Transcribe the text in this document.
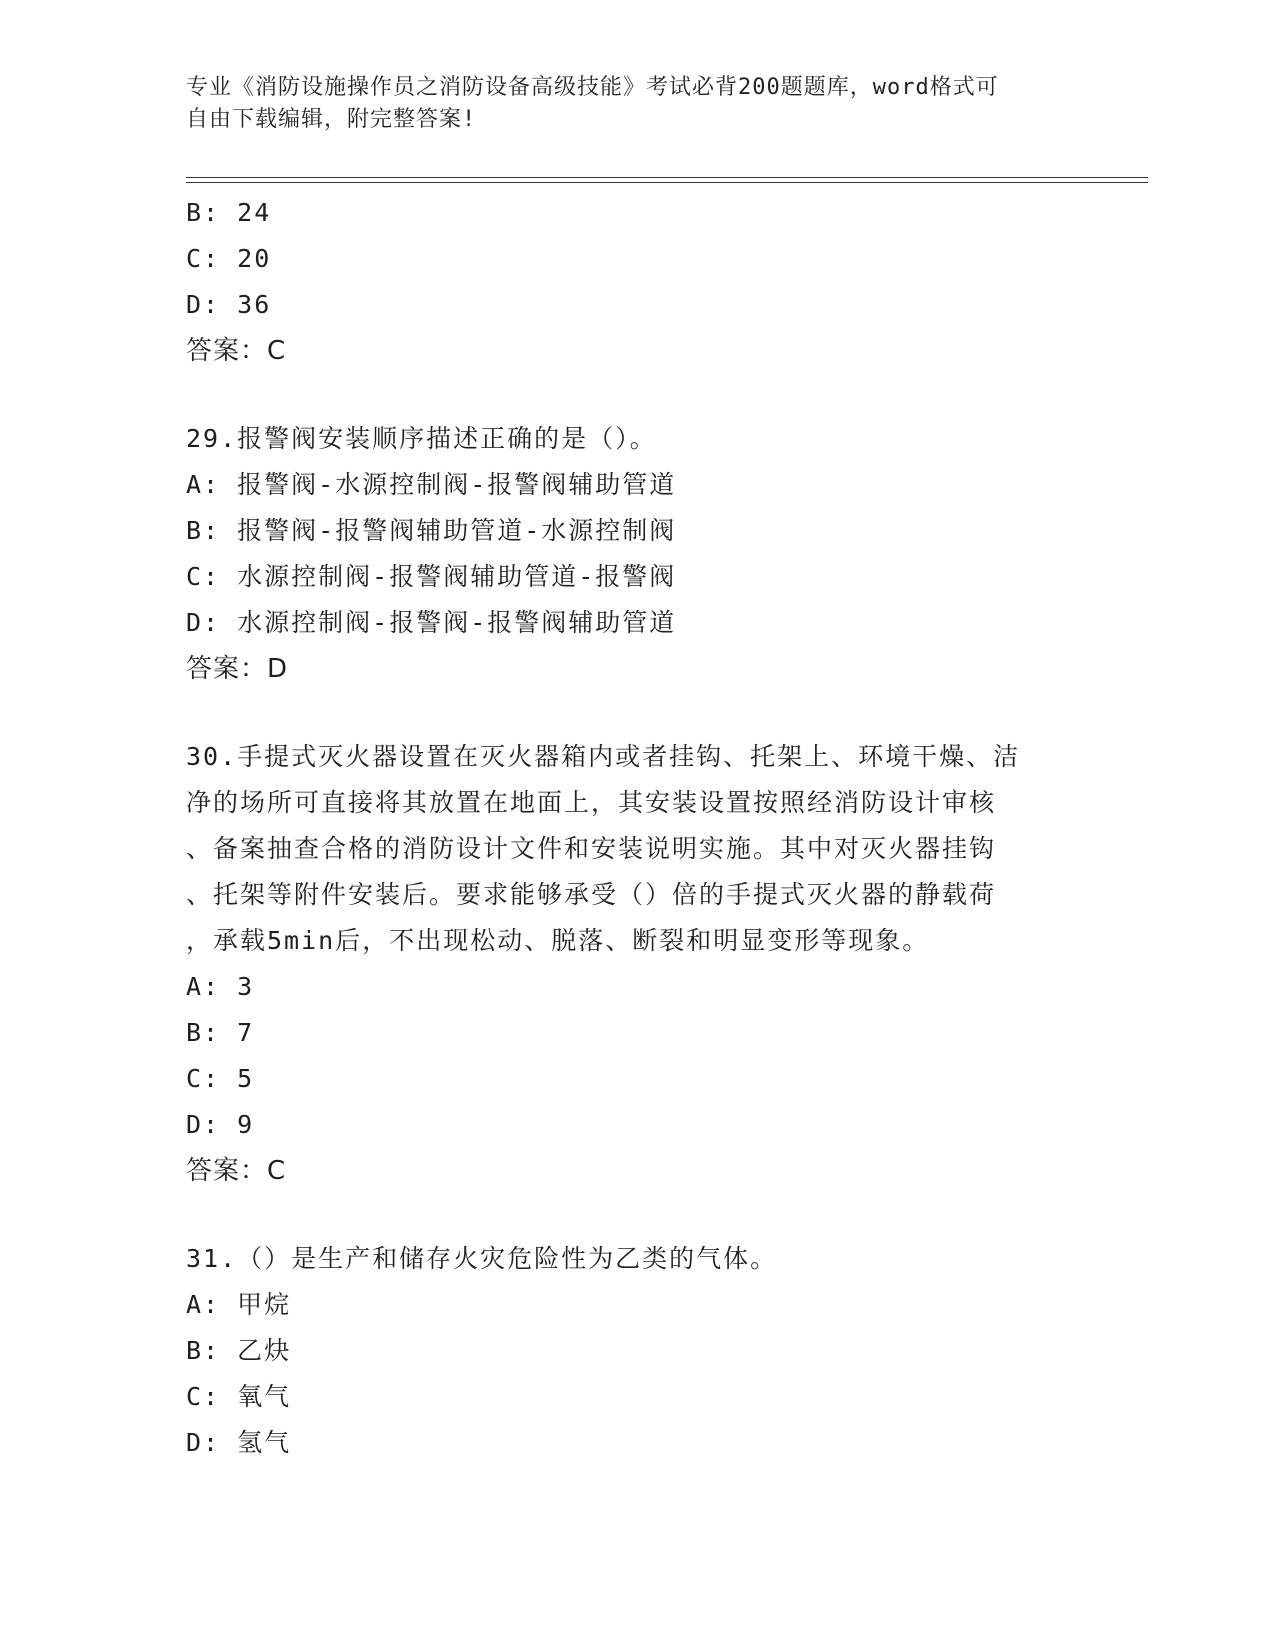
专业《消防设施操作员之消防设备高级技能》考试必背200题题库，word格式可
自由下载编辑，附完整答案!
B: 24
C: 20
D: 36
答案：C
29.报警阀安装顺序描述正确的是（）。
A: 报警阀-水源控制阀-报警阀辅助管道
B: 报警阀-报警阀辅助管道-水源控制阀
C: 水源控制阀-报警阀辅助管道-报警阀
D: 水源控制阀-报警阀-报警阀辅助管道
答案：D
30.手提式灭火器设置在灭火器箱内或者挂钩、托架上、环境干燥、洁
净的场所可直接将其放置在地面上，其安装设置按照经消防设计审核
、备案抽查合格的消防设计文件和安装说明实施。其中对灭火器挂钩
、托架等附件安装后。要求能够承受（）倍的手提式灭火器的静载荷
，承载5min后，不出现松动、脱落、断裂和明显变形等现象。
A: 3
B: 7
C: 5
D: 9
答案：C
31.（）是生产和储存火灾危险性为乙类的气体。
A: 甲烷
B: 乙炔
C: 氧气
D: 氢气
